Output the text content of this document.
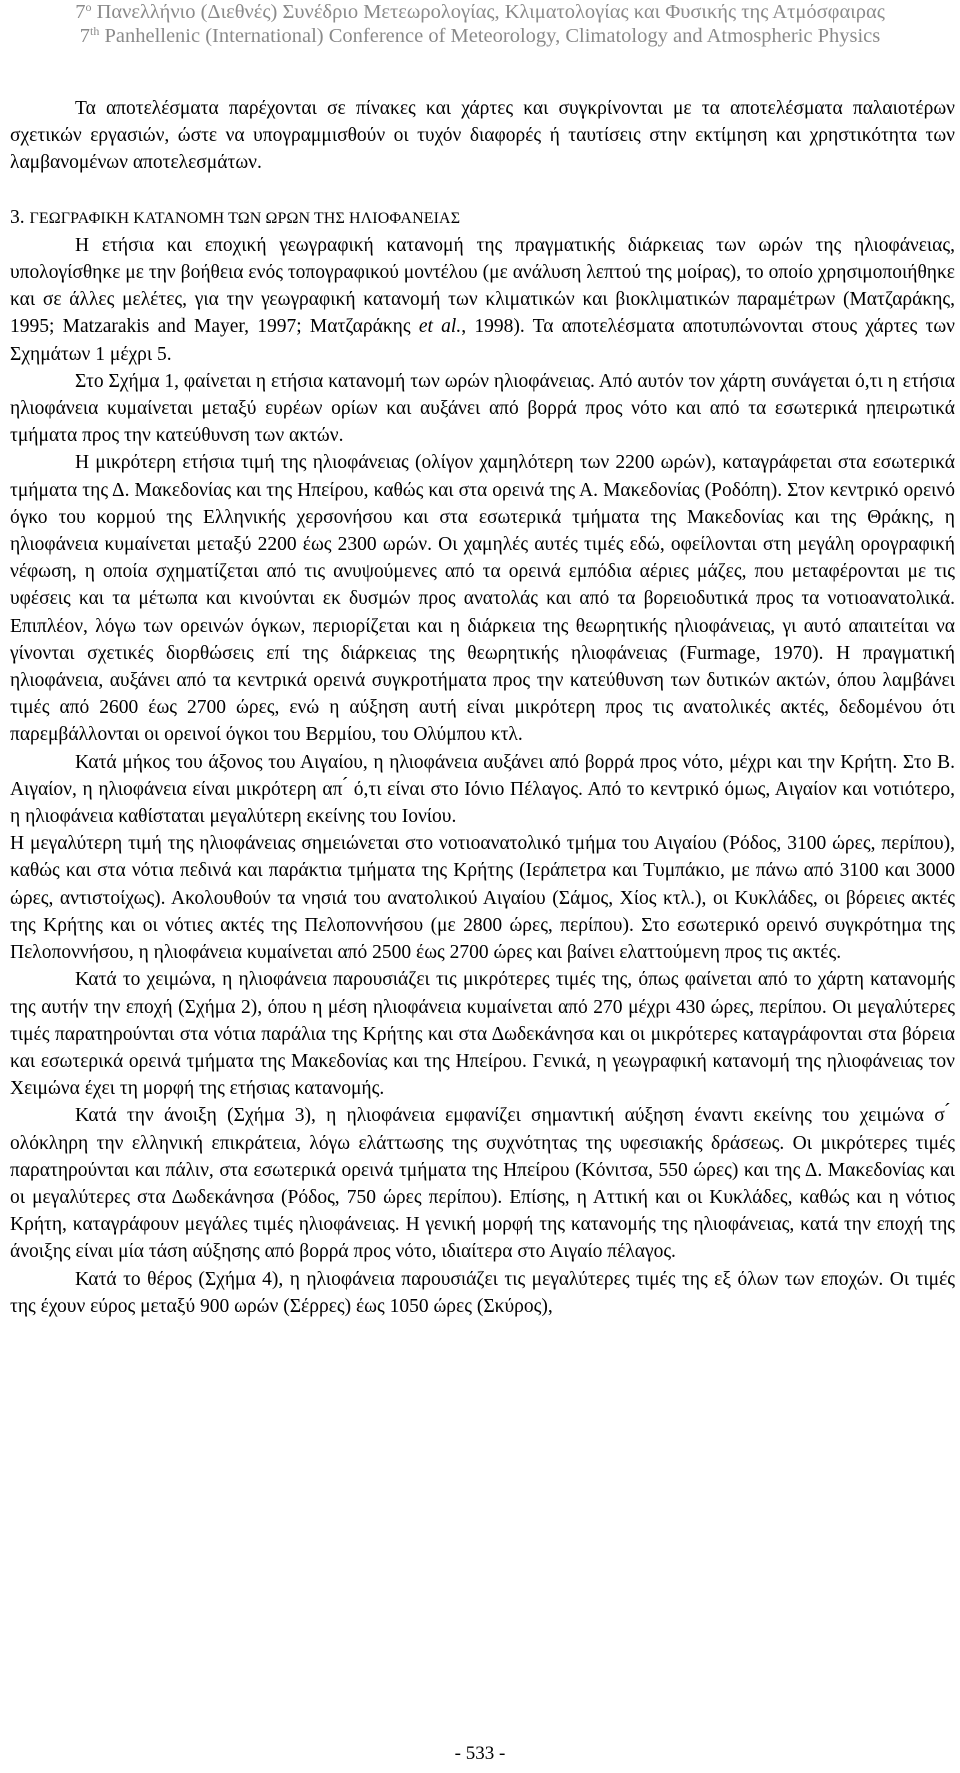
$7^o$ Πανελλήνιο (Διεθνές) Συνέδριο Μετεωρολογίας, Κλιματολογίας και Φυσικής της Ατμόσφαιρας
7th Panhellenic (International) Conference of Meteorology, Climatology and Atmospheric Physics

Τα αποτελέσματα παρέχονται σε πίνακες και χάρτες και συγκρίνονται με τα αποτελέσματα παλαιοτέρων σχετικών εργασιών, ώστε να υπογραμμισθούν οι τυχόν διαφορές ή ταυτίσεις στην εκτίμηση και χρηστικότητα των λαμβανομένων αποτελεσμάτων.

3. ΓΕΩΓΡΑΦΙΚΗ ΚΑΤΑΝΟΜΗ ΤΩΝ ΩΡΩΝ ΤΗΣ ΗΛΙΟΦΑΝΕΙΑΣ

Η ετήσια και εποχική γεωγραφική κατανομή της πραγματικής διάρκειας των ωρών της ηλιοφάνειας, υπολογίσθηκε με την βοήθεια ενός τοπογραφικού μοντέλου (με ανάλυση λεπτού της μοίρας), το οποίο χρησιμοποιήθηκε και σε άλλες μελέτες, για την γεωγραφική κατανομή των κλιματικών και βιοκλιματικών παραμέτρων (Ματζαράκης, 1995; Matzarakis and Mayer, 1997; Ματζαράκης et al., 1998). Τα αποτελέσματα αποτυπώνονται στους χάρτες των Σχημάτων 1 μέχρι 5.

Στο Σχήμα 1, φαίνεται η ετήσια κατανομή των ωρών ηλιοφάνειας. Από αυτόν τον χάρτη συνάγεται ό,τι η ετήσια ηλιοφάνεια κυμαίνεται μεταξύ ευρέων ορίων και αυξάνει από βορρά προς νότο και από τα εσωτερικά ηπειρωτικά τμήματα προς την κατεύθυνση των ακτών.

Η μικρότερη ετήσια τιμή της ηλιοφάνειας (ολίγον χαμηλότερη των 2200 ωρών), καταγράφεται στα εσωτερικά τμήματα της Δ. Μακεδονίας και της Ηπείρου, καθώς και στα ορεινά της Α. Μακεδονίας (Ροδόπη). Στον κεντρικό ορεινό όγκο του κορμού της Ελληνικής χερσονήσου και στα εσωτερικά τμήματα της Μακεδονίας και της Θράκης, η ηλιοφάνεια κυμαίνεται μεταξύ 2200 έως 2300 ωρών. Οι χαμηλές αυτές τιμές εδώ, οφείλονται στη μεγάλη ορογραφική νέφωση, η οποία σχηματίζεται από τις ανυψούμενες από τα ορεινά εμπόδια αέριες μάζες, που μεταφέρονται με τις υφέσεις και τα μέτωπα και κινούνται εκ δυσμών προς ανατολάς και από τα βορειοδυτικά προς τα νοτιοανατολικά. Επιπλέον, λόγω των ορεινών όγκων, περιορίζεται και η διάρκεια της θεωρητικής ηλιοφάνειας, γι αυτό απαιτείται να γίνονται σχετικές διορθώσεις επί της διάρκειας της θεωρητικής ηλιοφάνειας (Furmage, 1970). Η πραγματική ηλιοφάνεια, αυξάνει από τα κεντρικά ορεινά συγκροτήματα προς την κατεύθυνση των δυτικών ακτών, όπου λαμβάνει τιμές από 2600 έως 2700 ώρες, ενώ η αύξηση αυτή είναι μικρότερη προς τις ανατολικές ακτές, δεδομένου ότι παρεμβάλλονται οι ορεινοί όγκοι του Βερμίου, του Ολύμπου κτλ.

Κατά μήκος του άξονος του Αιγαίου, η ηλιοφάνεια αυξάνει από βορρά προς νότο, μέχρι και την Κρήτη. Στο Β. Αιγαίον, η ηλιοφάνεια είναι μικρότερη απ ́ ό,τι είναι στο Ιόνιο Πέλαγος. Από το κεντρικό όμως, Αιγαίον και νοτιότερο, η ηλιοφάνεια καθίσταται μεγαλύτερη εκείνης του Ιονίου.

Η μεγαλύτερη τιμή της ηλιοφάνειας σημειώνεται στο νοτιοανατολικό τμήμα του Αιγαίου (Ρόδος, 3100 ώρες, περίπου), καθώς και στα νότια πεδινά και παράκτια τμήματα της Κρήτης (Ιεράπετρα και Τυμπάκιο, με πάνω από 3100 και 3000 ώρες, αντιστοίχως). Ακολουθούν τα νησιά του ανατολικού Αιγαίου (Σάμος, Χίος κτλ.), οι Κυκλάδες, οι βόρειες ακτές της Κρήτης και οι νότιες ακτές της Πελοποννήσου (με 2800 ώρες, περίπου). Στο εσωτερικό ορεινό συγκρότημα της Πελοποννήσου, η ηλιοφάνεια κυμαίνεται από 2500 έως 2700 ώρες και βαίνει ελαττούμενη προς τις ακτές.

Κατά το χειμώνα, η ηλιοφάνεια παρουσιάζει τις μικρότερες τιμές της, όπως φαίνεται από το χάρτη κατανομής της αυτήν την εποχή (Σχήμα 2), όπου η μέση ηλιοφάνεια κυμαίνεται από 270 μέχρι 430 ώρες, περίπου. Οι μεγαλύτερες τιμές παρατηρούνται στα νότια παράλια της Κρήτης και στα Δωδεκάνησα και οι μικρότερες καταγράφονται στα βόρεια και εσωτερικά ορεινά τμήματα της Μακεδονίας και της Ηπείρου. Γενικά, η γεωγραφική κατανομή της ηλιοφάνειας τον Χειμώνα έχει τη μορφή της ετήσιας κατανομής.

Κατά την άνοιξη (Σχήμα 3), η ηλιοφάνεια εμφανίζει σημαντική αύξηση έναντι εκείνης του χειμώνα σ ́ ολόκληρη την ελληνική επικράτεια, λόγω ελάττωσης της συχνότητας της υφεσιακής δράσεως. Οι μικρότερες τιμές παρατηρούνται και πάλιν, στα εσωτερικά ορεινά τμήματα της Ηπείρου (Κόνιτσα, 550 ώρες) και της Δ. Μακεδονίας και οι μεγαλύτερες στα Δωδεκάνησα (Ρόδος, 750 ώρες περίπου). Επίσης, η Αττική και οι Κυκλάδες, καθώς και η νότιος Κρήτη, καταγράφουν μεγάλες τιμές ηλιοφάνειας. Η γενική μορφή της κατανομής της ηλιοφάνειας, κατά την εποχή της άνοιξης είναι μία τάση αύξησης από βορρά προς νότο, ιδιαίτερα στο Αιγαίο πέλαγος.

Κατά το θέρος (Σχήμα 4), η ηλιοφάνεια παρουσιάζει τις μεγαλύτερες τιμές της εξ όλων των εποχών. Οι τιμές της έχουν εύρος μεταξύ 900 ωρών (Σέρρες) έως 1050 ώρες (Σκύρος),

- 533 -
